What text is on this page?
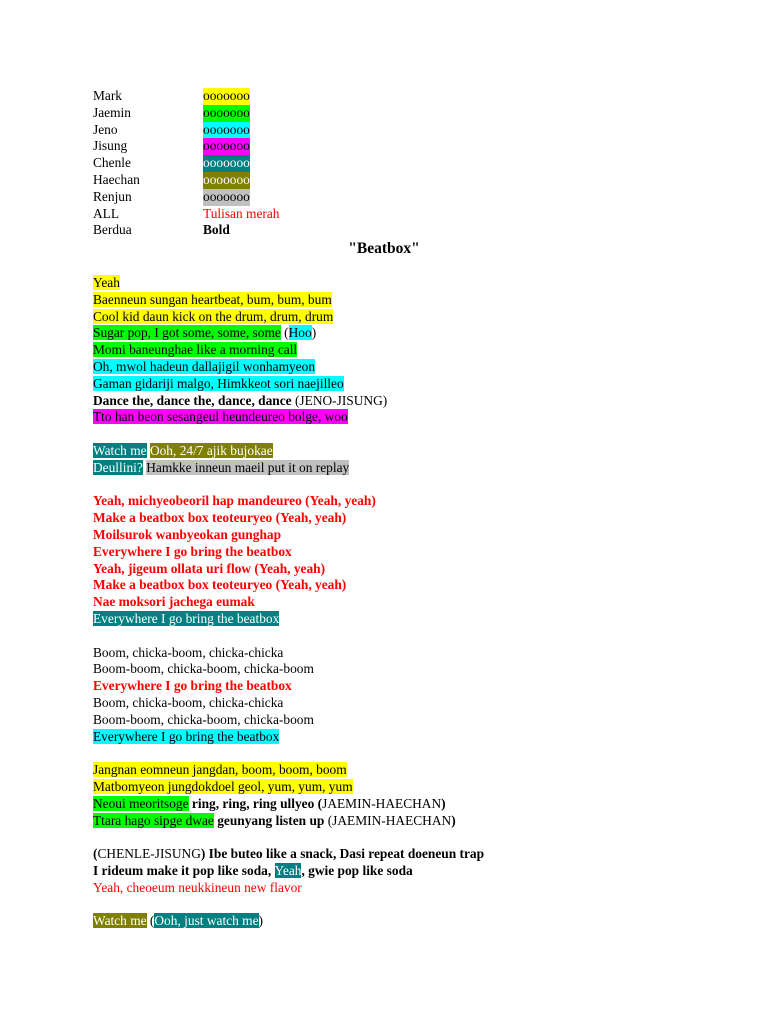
Mark	ooooooo
Jaemin	ooooooo
Jeno	ooooooo
Jisung	ooooooo
Chenle	ooooooo
Haechan	ooooooo
Renjun	ooooooo
ALL	Tulisan merah
Berdua	Bold
"Beatbox"
Yeah
Baenneun sungan heartbeat, bum, bum, bum
Cool kid daun kick on the drum, drum, drum
Sugar pop, I got some, some, some (Hoo)
Momi baneunghae like a morning call
Oh, mwol hadeun dallajigil wonhamyeon
Gaman gidariji malgo, Himkkeot sori naejilleo
Dance the, dance the, dance, dance (JENO-JISUNG)
Tto han beon sesangeul heundeureo bolge, woo
Watch me Ooh, 24/7 ajik bujokae
Deullini? Hamkke inneun maeil put it on replay
Yeah, michyeobeoril hap mandeureo (Yeah, yeah)
Make a beatbox box teoteuryeo (Yeah, yeah)
Moilsurok wanbyeokan gunghap
Everywhere I go bring the beatbox
Yeah, jigeum ollata uri flow (Yeah, yeah)
Make a beatbox box teoteuryeo (Yeah, yeah)
Nae moksori jachega eumak
Everywhere I go bring the beatbox
Boom, chicka-boom, chicka-chicka
Boom-boom, chicka-boom, chicka-boom
Everywhere I go bring the beatbox
Boom, chicka-boom, chicka-chicka
Boom-boom, chicka-boom, chicka-boom
Everywhere I go bring the beatbox
Jangnan eomneun jangdan, boom, boom, boom
Matbomyeon jungdokdoel geol, yum, yum, yum
Neoui meoritsoge ring, ring, ring ullyeo (JAEMIN-HAECHAN)
Ttara hago sipge dwae geunyang listen up (JAEMIN-HAECHAN)
(CHENLE-JISUNG) Ibe buteo like a snack, Dasi repeat doeneun trap
I rideum make it pop like soda, Yeah, gwie pop like soda
Yeah, cheoeum neukkineun new flavor
Watch me (Ooh, just watch me)
